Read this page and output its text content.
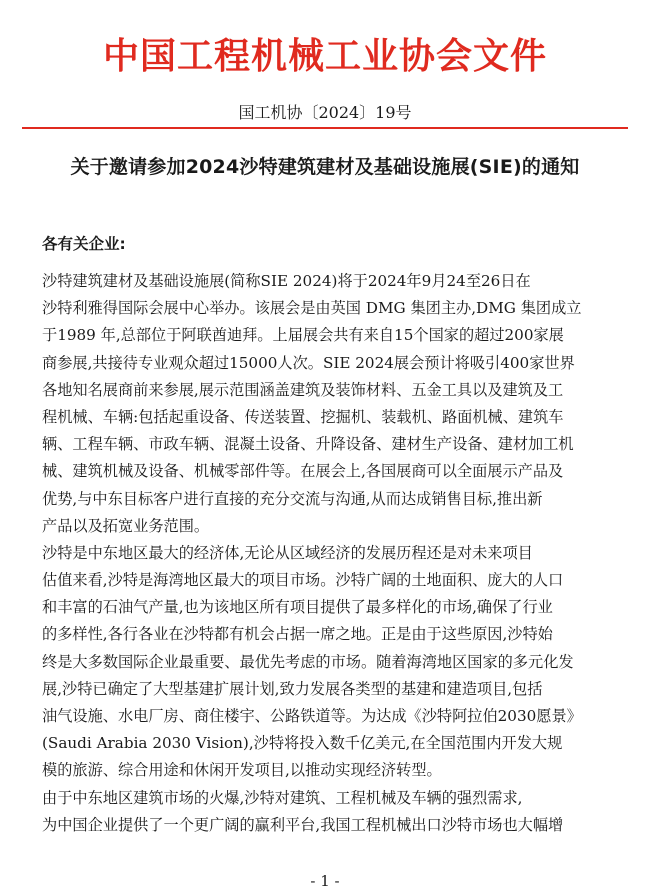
中国工程机械工业协会文件
国工机协〔2024〕19号
关于邀请参加2024沙特建筑建材及基础设施展(SIE)的通知
各有关企业:
沙特建筑建材及基础设施展(简称SIE 2024)将于2024年9月24至26日在
沙特利雅得国际会展中心举办。该展会是由英国 DMG 集团主办,DMG 集团成立
于1989 年,总部位于阿联酋迪拜。上届展会共有来自15个国家的超过200家展
商参展,共接待专业观众超过15000人次。SIE 2024展会预计将吸引400家世界
各地知名展商前来参展,展示范围涵盖建筑及装饰材料、五金工具以及建筑及工
程机械、车辆:包括起重设备、传送装置、挖掘机、装载机、路面机械、建筑车
辆、工程车辆、市政车辆、混凝土设备、升降设备、建材生产设备、建材加工机
械、建筑机械及设备、机械零部件等。在展会上,各国展商可以全面展示产品及
优势,与中东目标客户进行直接的充分交流与沟通,从而达成销售目标,推出新
产品以及拓宽业务范围。
沙特是中东地区最大的经济体,无论从区域经济的发展历程还是对未来项目
估值来看,沙特是海湾地区最大的项目市场。沙特广阔的土地面积、庞大的人口
和丰富的石油气产量,也为该地区所有项目提供了最多样化的市场,确保了行业
的多样性,各行各业在沙特都有机会占据一席之地。正是由于这些原因,沙特始
终是大多数国际企业最重要、最优先考虑的市场。随着海湾地区国家的多元化发
展,沙特已确定了大型基建扩展计划,致力发展各类型的基建和建造项目,包括
油气设施、水电厂房、商住楼宇、公路铁道等。为达成《沙特阿拉伯2030愿景》
(Saudi Arabia 2030 Vision),沙特将投入数千亿美元,在全国范围内开发大规
模的旅游、综合用途和休闲开发项目,以推动实现经济转型。
由于中东地区建筑市场的火爆,沙特对建筑、工程机械及车辆的强烈需求,
为中国企业提供了一个更广阔的赢利平台,我国工程机械出口沙特市场也大幅增
- 1 -
